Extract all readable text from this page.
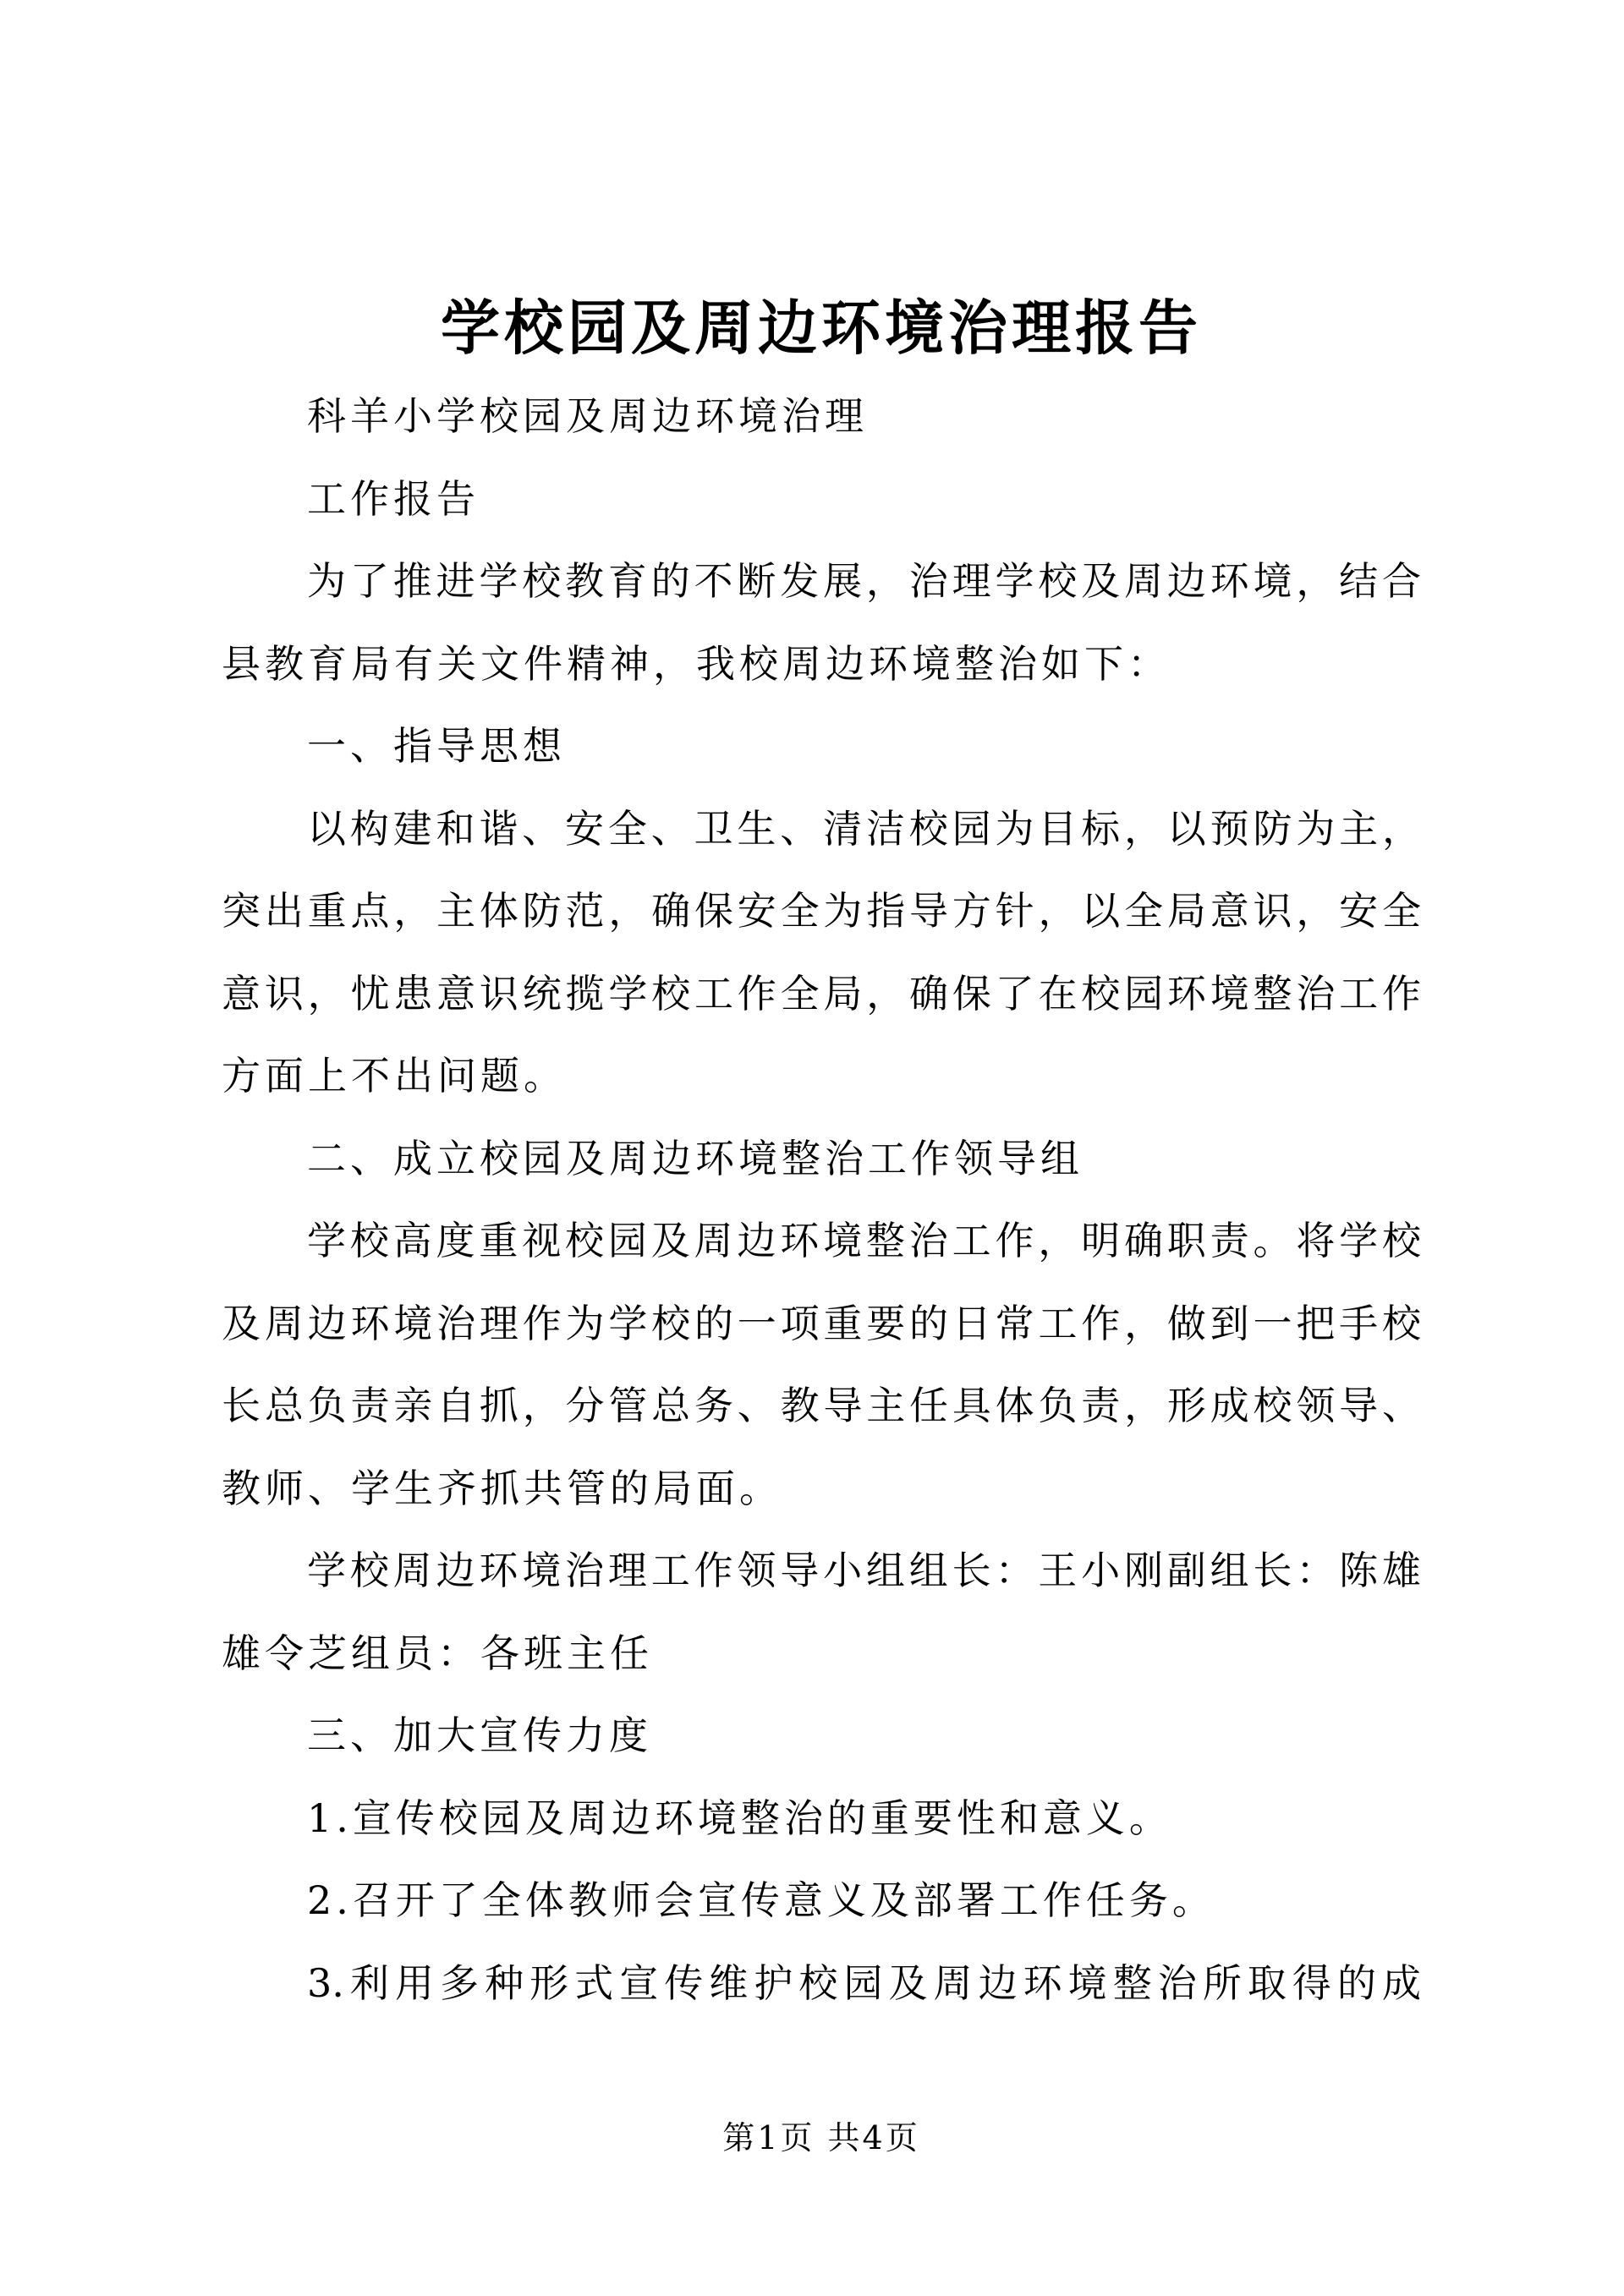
学校园及周边环境治理报告
科羊小学校园及周边环境治理
工作报告
为了推进学校教育的不断发展，治理学校及周边环境，结合
县教育局有关文件精神，我校周边环境整治如下：
一、指导思想
以构建和谐、安全、卫生、清洁校园为目标，以预防为主，
突出重点，主体防范，确保安全为指导方针，以全局意识，安全
意识，忧患意识统揽学校工作全局，确保了在校园环境整治工作
方面上不出问题。
二、成立校园及周边环境整治工作领导组
学校高度重视校园及周边环境整治工作，明确职责。将学校
及周边环境治理作为学校的一项重要的日常工作，做到一把手校
长总负责亲自抓，分管总务、教导主任具体负责，形成校领导、
教师、学生齐抓共管的局面。
学校周边环境治理工作领导小组组长：王小刚副组长：陈雄
雄令芝组员：各班主任
三、加大宣传力度
1.宣传校园及周边环境整治的重要性和意义。
2.召开了全体教师会宣传意义及部署工作任务。
3.利用多种形式宣传维护校园及周边环境整治所取得的成
第1页 共4页
